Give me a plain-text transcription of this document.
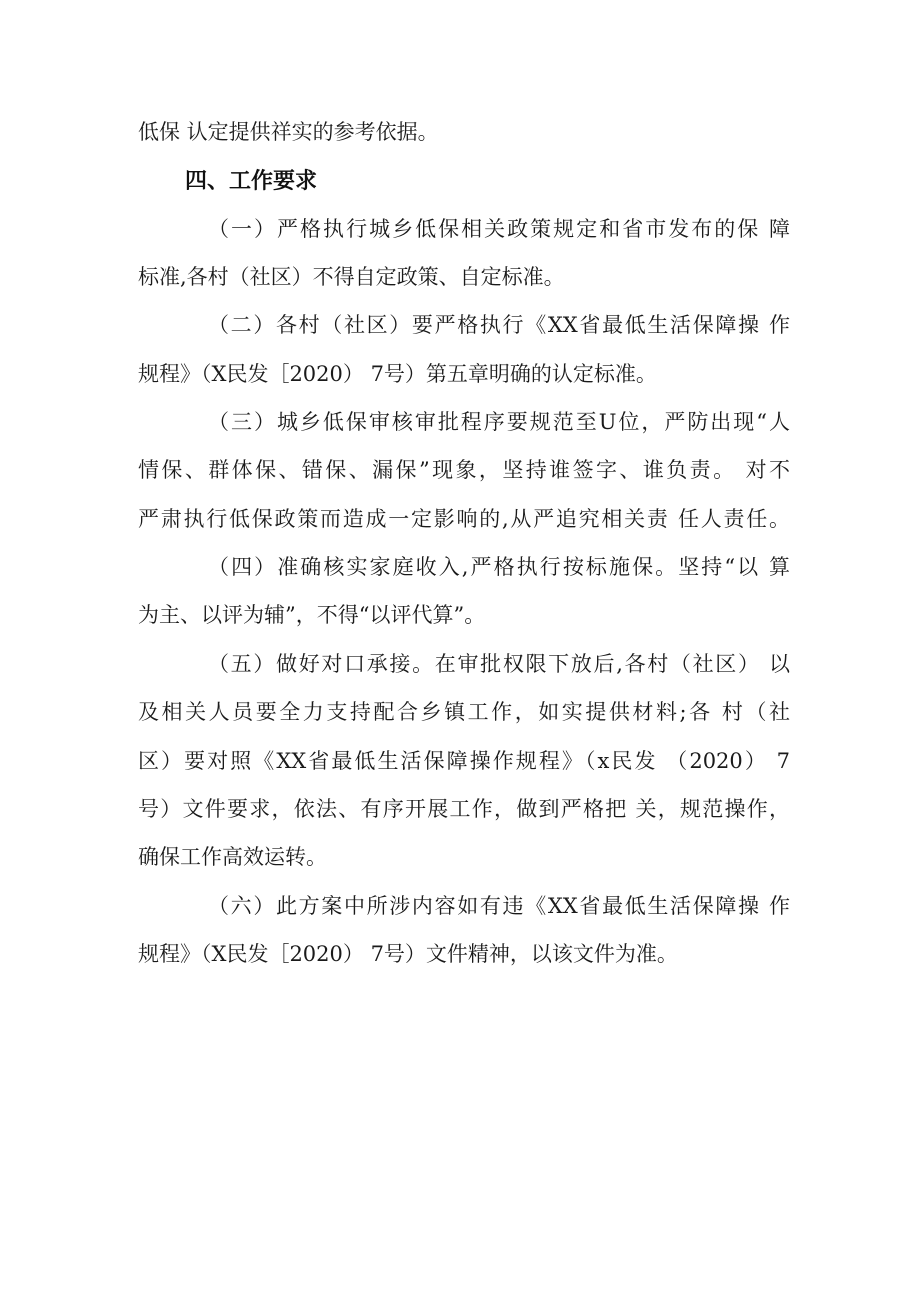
低保 认定提供祥实的参考依据。
四、工作要求
（一）严格执行城乡低保相关政策规定和省市发布的保 障
标准,各村（社区）不得自定政策、自定标准。
（二）各村（社区）要严格执行《XX省最低生活保障操 作
规程》（X民发［2020） 7号）第五章明确的认定标准。
（三）城乡低保审核审批程序要规范至U位，严防出现“人
情保、群体保、错保、漏保”现象，坚持谁签字、谁负责。 对不
严肃执行低保政策而造成一定影响的,从严追究相关责 任人责任。
（四）准确核实家庭收入,严格执行按标施保。坚持“以 算
为主、以评为辅”，不得“以评代算”。
（五）做好对口承接。在审批权限下放后,各村（社区） 以
及相关人员要全力支持配合乡镇工作，如实提供材料;各 村（社
区）要对照《XX省最低生活保障操作规程》（x民发 （2020） 7
号）文件要求，依法、有序开展工作，做到严格把 关，规范操作，
确保工作高效运转。
（六）此方案中所涉内容如有违《XX省最低生活保障操 作
规程》（X民发［2020） 7号）文件精神，以该文件为准。
